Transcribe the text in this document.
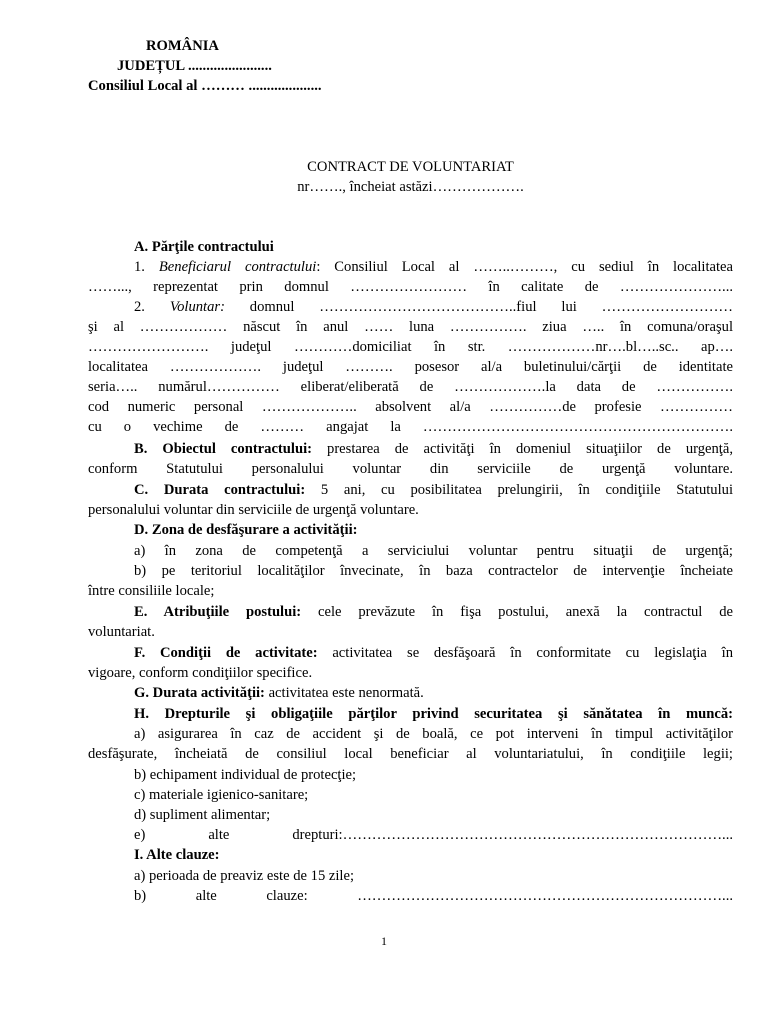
ROMÂNIA
JUDEȚUL .......................
Consiliul Local al ……… ....................
CONTRACT DE VOLUNTARIAT
nr……., încheiat astăzi……………….
A. Părţile contractului
1. Beneficiarul contractului: Consiliul Local al ……..………, cu sediul în localitatea
……..., reprezentat prin domnul …………………… în calitate de …………………...
2. Voluntar: domnul …………………………………..fiul lui ………………………
şi al ……………… născut în anul …… luna ……………. ziua ….. în comuna/oraşul
……………………. judeţul …………domiciliat în str. ………………nr….bl…..sc.. ap….
localitatea ………………. judeţul ………. posesor al/a buletinului/cărţii de identitate
seria….. numărul…………… eliberat/eliberată de ……………….la data de …………….
cod numeric personal ……………….. absolvent al/a ……………de profesie ……………
cu o vechime de ……… angajat la ……………………………………………………….
B. Obiectul contractului: prestarea de activităţi în domeniul situaţiilor de urgenţă,
conform Statutului personalului voluntar din serviciile de urgenţă voluntare.
C. Durata contractului: 5 ani, cu posibilitatea prelungirii, în condiţiile Statutului
personalului voluntar din serviciile de urgenţă voluntare.
D. Zona de desfăşurare a activităţii:
a) în zona de competenţă a serviciului voluntar pentru situaţii de urgenţă;
b) pe teritoriul localităţilor învecinate, în baza contractelor de intervenţie încheiate
între consiliile locale;
E. Atribuţiile postului: cele prevăzute în fişa postului, anexă la contractul de
voluntariat.
F. Condiţii de activitate: activitatea se desfăşoară în conformitate cu legislaţia în
vigoare, conform condiţiilor specifice.
G. Durata activităţii: activitatea este nenormată.
H. Drepturile şi obligaţiile părţilor privind securitatea şi sănătatea în muncă:
a) asigurarea în caz de accident şi de boală, ce pot interveni în timpul activităţilor
desfăşurate, încheiată de consiliul local beneficiar al voluntariatului, în condiţiile legii;
b) echipament individual de protecţie;
c) materiale igienico-sanitare;
d) supliment alimentar;
e) alte drepturi:……………………………………………………………………...
I. Alte clauze:
a) perioada de preaviz este de 15 zile;
b) alte clauze: …………………………………………………………………...
1
